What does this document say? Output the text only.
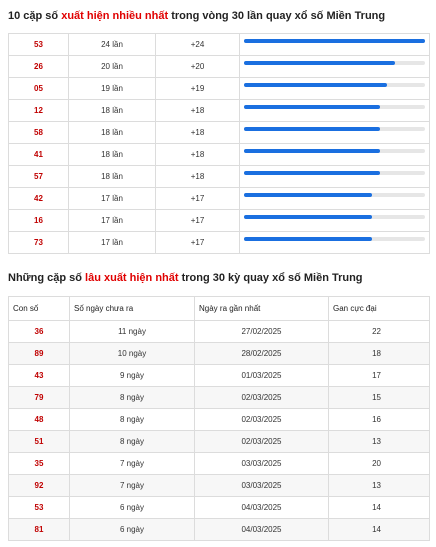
10 cặp số xuất hiện nhiều nhất trong vòng 30 lần quay xổ số Miền Trung
53	24 lần	+24	

26	20 lần	+20	

05	19 lần	+19	

12	18 lần	+18	

58	18 lần	+18	

41	18 lần	+18	

57	18 lần	+18	

42	17 lần	+17	

16	17 lần	+17	

73	17 lần	+17	
Những cặp số lâu xuất hiện nhất trong 30 kỳ quay xổ số Miền Trung
Con số	Số ngày chưa ra	Ngày ra gần nhất	Gan cực đại
36	11 ngày	27/02/2025	22
89	10 ngày	28/02/2025	18
43	9 ngày	01/03/2025	17
79	8 ngày	02/03/2025	15
48	8 ngày	02/03/2025	16
51	8 ngày	02/03/2025	13
35	7 ngày	03/03/2025	20
92	7 ngày	03/03/2025	13
53	6 ngày	04/03/2025	14
81	6 ngày	04/03/2025	14
